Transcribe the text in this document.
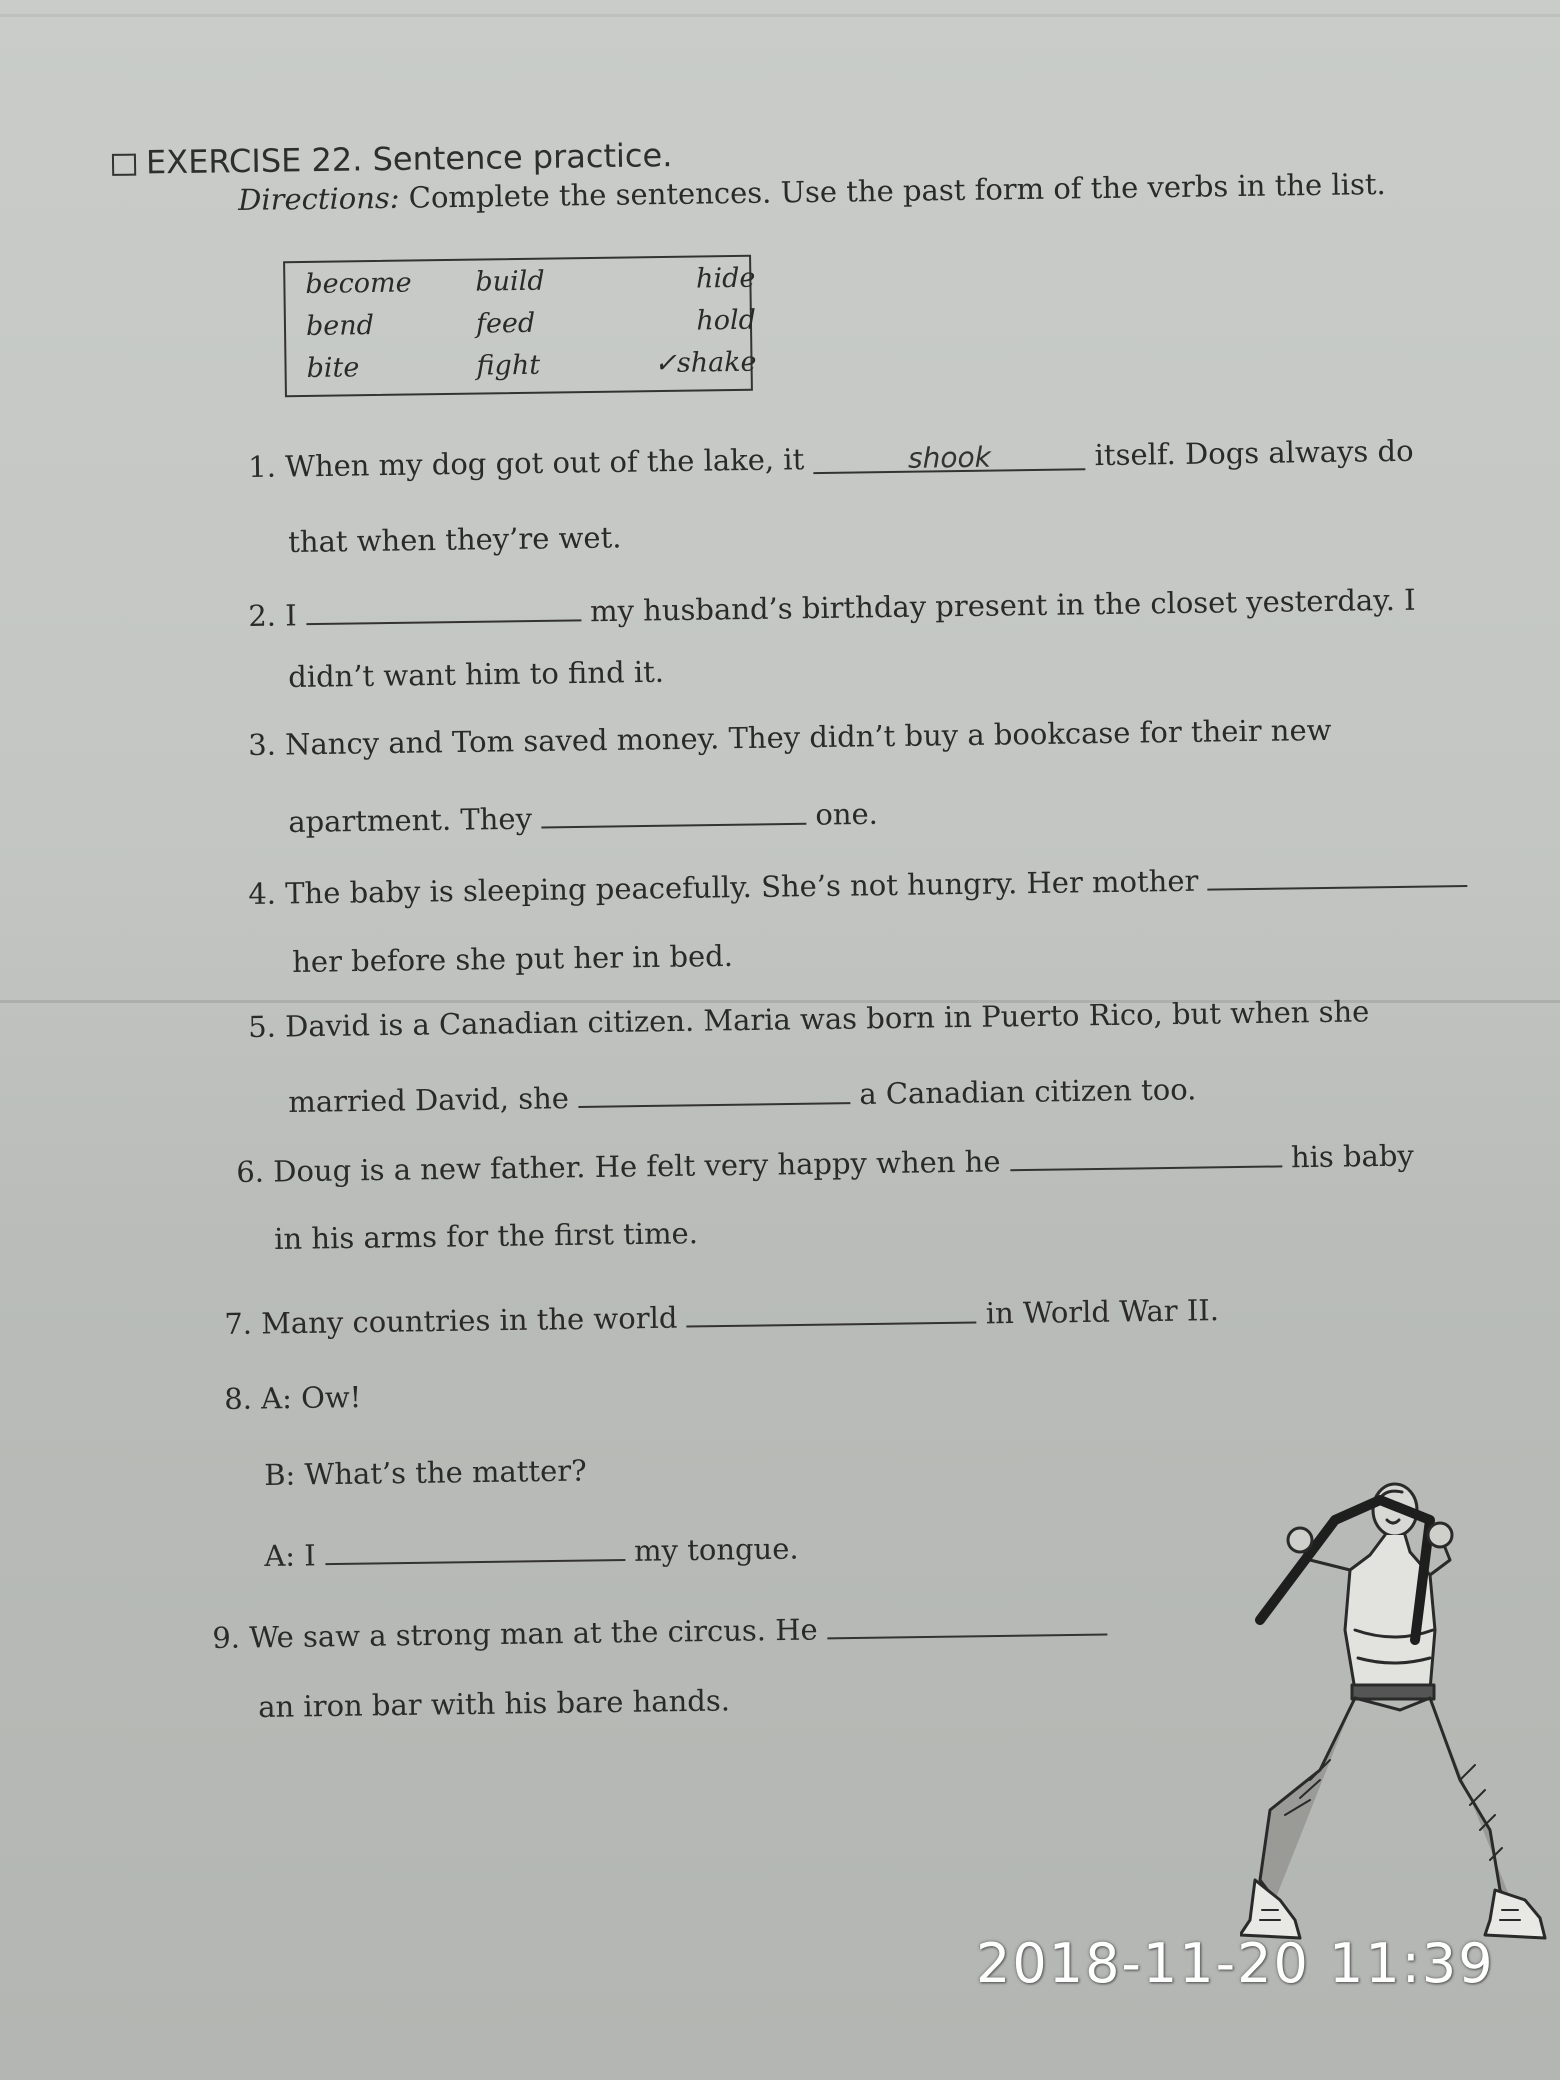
EXERCISE 22. Sentence practice.
Directions: Complete the sentences. Use the past form of the verbs in the list.
become	build	hide
bend	feed	hold
bite	fight	✓shake
1. When my dog got out of the lake, it	shook	itself. Dogs always do
that when they’re wet.
2. I	my husband’s birthday present in the closet yesterday. I
didn’t want him to find it.
3. Nancy and Tom saved money. They didn’t buy a bookcase for their new
apartment. They	one.
4. The baby is sleeping peacefully. She’s not hungry. Her mother
her before she put her in bed.
5. David is a Canadian citizen. Maria was born in Puerto Rico, but when she
married David, she	a Canadian citizen too.
6. Doug is a new father. He felt very happy when he	his baby
in his arms for the first time.
7. Many countries in the world	in World War II.
8. A: Ow!
B: What’s the matter?
A: I	my tongue.
9. We saw a strong man at the circus. He
an iron bar with his bare hands.
2018-11-20 11:39
